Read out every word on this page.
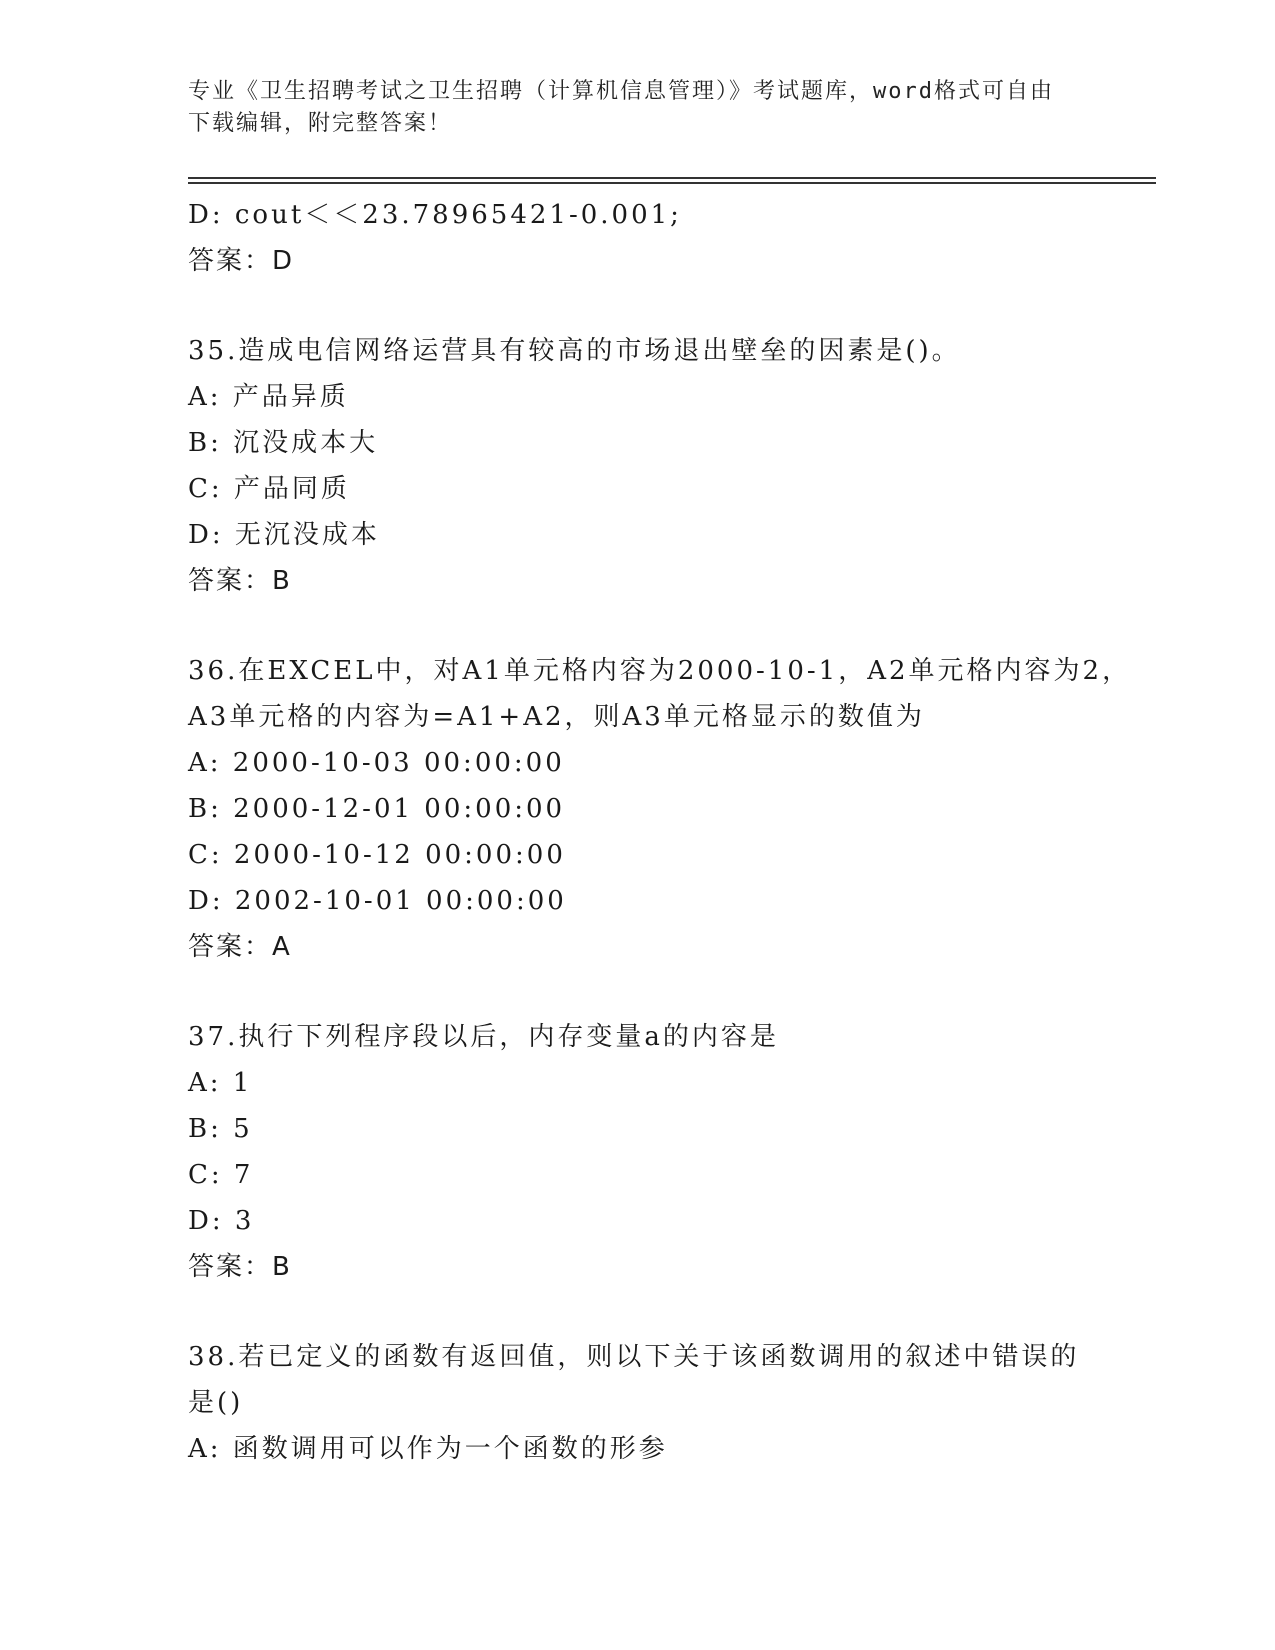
专业《卫生招聘考试之卫生招聘（计算机信息管理）》考试题库，word格式可自由下载编辑，附完整答案！
D: cout＜＜23.78965421-0.001;
答案：D
35.造成电信网络运营具有较高的市场退出壁垒的因素是()。
A: 产品异质
B: 沉没成本大
C: 产品同质
D: 无沉没成本
答案：B
36.在EXCEL中，对A1单元格内容为2000-10-1，A2单元格内容为2，
A3单元格的内容为=A1+A2，则A3单元格显示的数值为
A: 2000-10-03 00:00:00
B: 2000-12-01 00:00:00
C: 2000-10-12 00:00:00
D: 2002-10-01 00:00:00
答案：A
37.执行下列程序段以后，内存变量a的内容是
A: 1
B: 5
C: 7
D: 3
答案：B
38.若已定义的函数有返回值，则以下关于该函数调用的叙述中错误的
是()
A: 函数调用可以作为一个函数的形参
